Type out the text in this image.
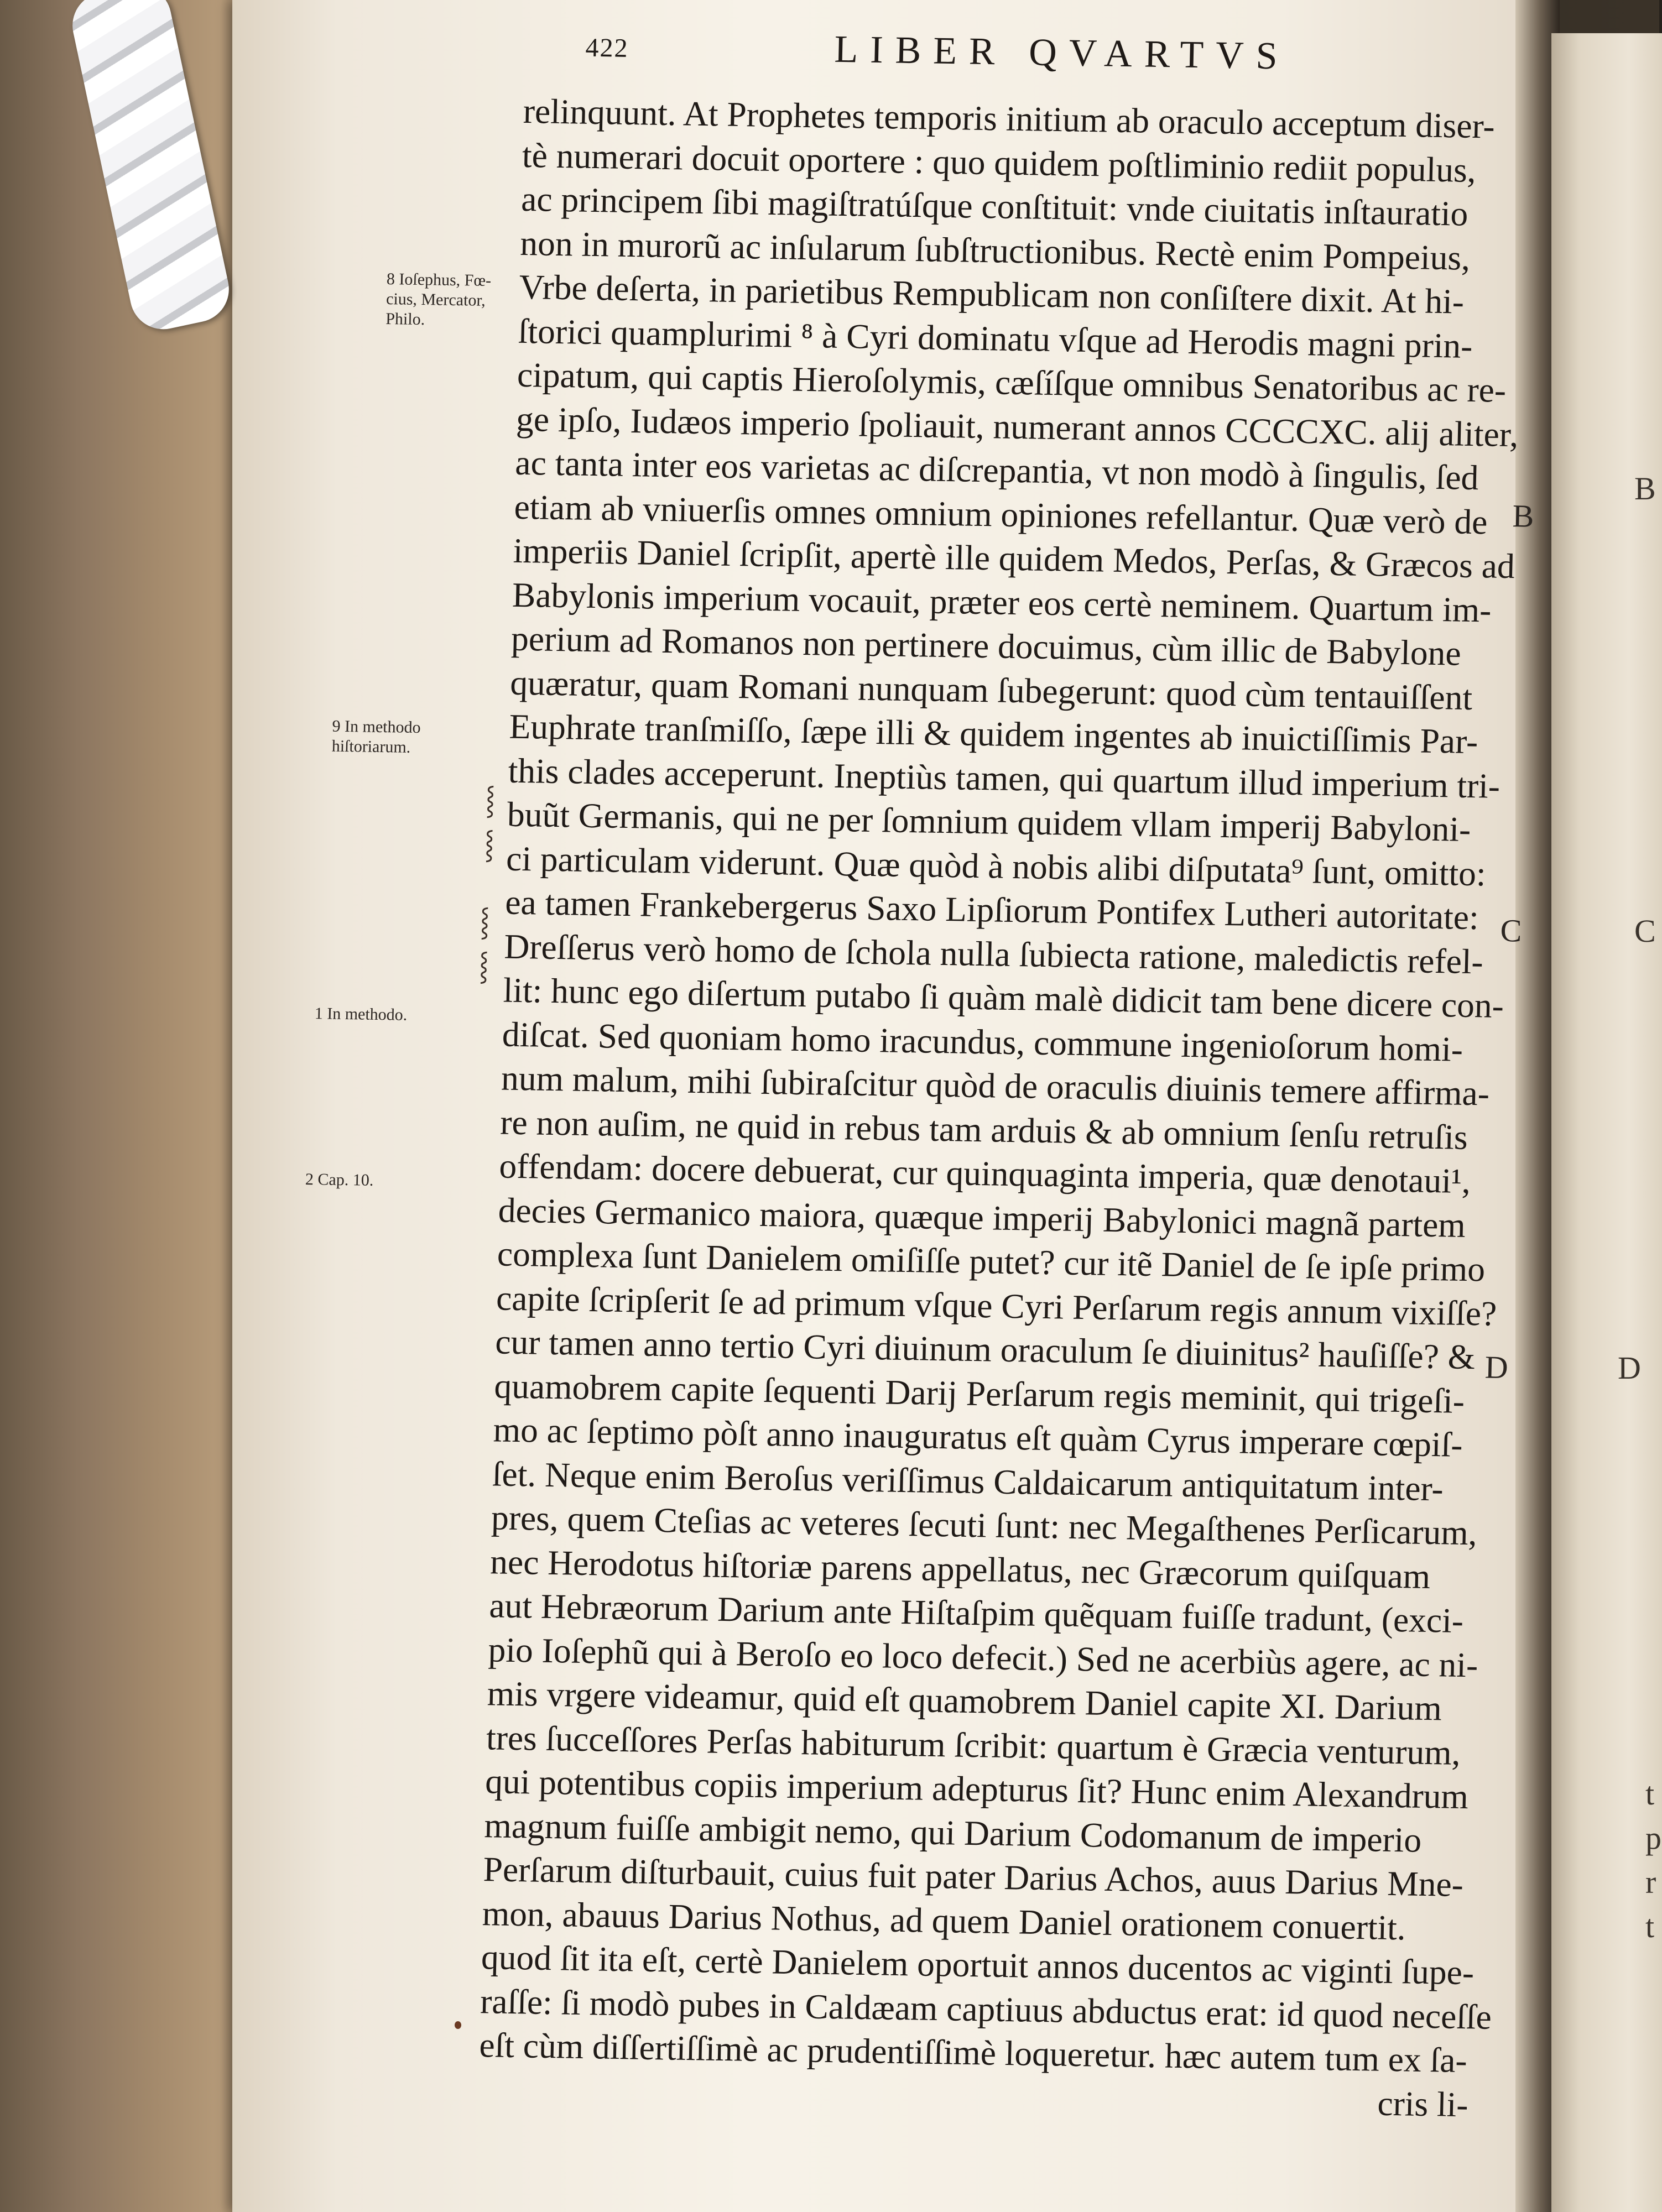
B
C
D
t
p
r
t
422	LIBER QVARTVS
relinquunt. At Prophetes temporis initium ab oraculo acceptum diser-
tè numerari docuit oportere : quo quidem poſtliminio rediit populus,
ac principem ſibi magiſtratúſque conſtituit: vnde ciuitatis inſtauratio
non in murorũ ac inſularum ſubſtructionibus. Rectè enim Pompeius,
Vrbe deſerta, in parietibus Rempublicam non conſiſtere dixit. At hi-
ſtorici quamplurimi ⁸ à Cyri dominatu vſque ad Herodis magni prin-
cipatum, qui captis Hieroſolymis, cæſíſque omnibus Senatoribus ac re-
ge ipſo, Iudæos imperio ſpoliauit, numerant annos CCCCXC. alij aliter,
ac tanta inter eos varietas ac diſcrepantia, vt non modò à ſingulis, ſed
etiam ab vniuerſis omnes omnium opiniones refellantur. Quæ verò de
imperiis Daniel ſcripſit, apertè ille quidem Medos, Perſas, & Græcos ad
Babylonis imperium vocauit, præter eos certè neminem. Quartum im-
perium ad Romanos non pertinere docuimus, cùm illic de Babylone
quæratur, quam Romani nunquam ſubegerunt: quod cùm tentauiſſent
Euphrate tranſmiſſo, ſæpe illi & quidem ingentes ab inuictiſſimis Par-
this clades acceperunt. Ineptiùs tamen, qui quartum illud imperium tri-
buũt Germanis, qui ne per ſomnium quidem vllam imperij Babyloni-
ci particulam viderunt. Quæ quòd à nobis alibi diſputata⁹ ſunt, omitto:
ea tamen Frankebergerus Saxo Lipſiorum Pontifex Lutheri autoritate:
Dreſſerus verò homo de ſchola nulla ſubiecta ratione, maledictis refel-
lit: hunc ego diſertum putabo ſi quàm malè didicit tam bene dicere con-
diſcat. Sed quoniam homo iracundus, commune ingenioſorum homi-
num malum, mihi ſubiraſcitur quòd de oraculis diuinis temere affirma-
re non auſim, ne quid in rebus tam arduis & ab omnium ſenſu retruſis
offendam: docere debuerat, cur quinquaginta imperia, quæ denotaui¹,
decies Germanico maiora, quæque imperij Babylonici magnã partem
complexa ſunt Danielem omiſiſſe putet? cur itẽ Daniel de ſe ipſe primo
capite ſcripſerit ſe ad primum vſque Cyri Perſarum regis annum vixiſſe?
cur tamen anno tertio Cyri diuinum oraculum ſe diuinitus² hauſiſſe? &
quamobrem capite ſequenti Darij Perſarum regis meminit, qui trigeſi-
mo ac ſeptimo pòſt anno inauguratus eſt quàm Cyrus imperare cœpiſ-
ſet. Neque enim Beroſus veriſſimus Caldaicarum antiquitatum inter-
pres, quem Cteſias ac veteres ſecuti ſunt: nec Megaſthenes Perſicarum,
nec Herodotus hiſtoriæ parens appellatus, nec Græcorum quiſquam
aut Hebræorum Darium ante Hiſtaſpim quẽquam fuiſſe tradunt, (exci-
pio Ioſephũ qui à Beroſo eo loco defecit.) Sed ne acerbiùs agere, ac ni-
mis vrgere videamur, quid eſt quamobrem Daniel capite XI. Darium
tres ſucceſſores Perſas habiturum ſcribit: quartum è Græcia venturum,
qui potentibus copiis imperium adepturus ſit? Hunc enim Alexandrum
magnum fuiſſe ambigit nemo, qui Darium Codomanum de imperio
Perſarum diſturbauit, cuius fuit pater Darius Achos, auus Darius Mne-
mon, abauus Darius Nothus, ad quem Daniel orationem conuertit.
quod ſit ita eſt, certè Danielem oportuit annos ducentos ac viginti ſupe-
raſſe: ſi modò pubes in Caldæam captiuus abductus erat: id quod neceſſe
eſt cùm diſſertiſſimè ac prudentiſſimè loqueretur. hæc autem tum ex ſa-
cris li-
8 Ioſephus, Fœ- cius, Mercator, Philo.
9 In methodo hiſtoriarum.
1 In methodo.
2 Cap. 10.
B
C
D
⸾
⸾
⸾
⸾
